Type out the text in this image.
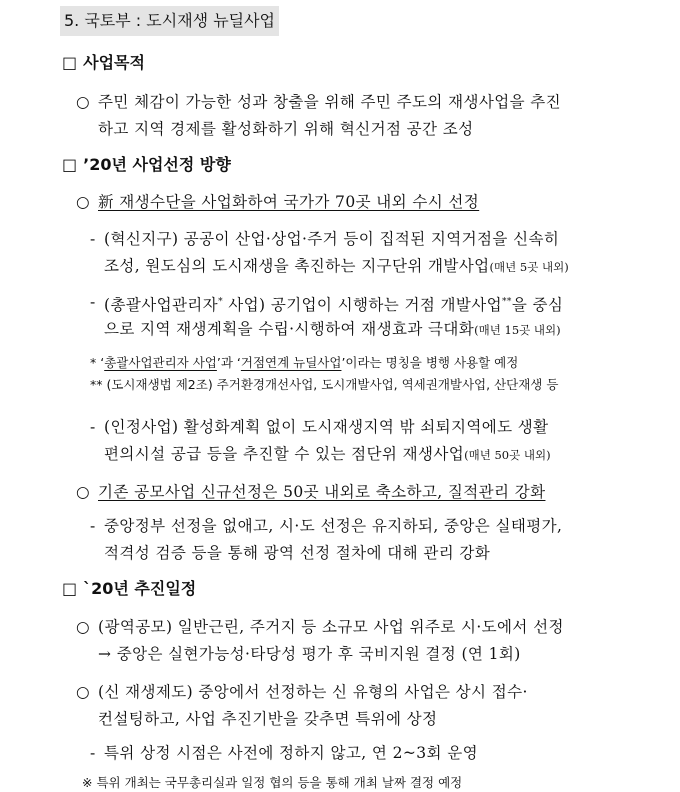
5. 국토부 : 도시재생 뉴딜사업
□ 사업목적
○ 주민 체감이 가능한 성과 창출을 위해 주민 주도의 재생사업을 추진
하고 지역 경제를 활성화하기 위해 혁신거점 공간 조성
□ ’20년 사업선정 방향
○ 新 재생수단을 사업화하여 국가가 70곳 내외 수시 선정
- (혁신지구) 공공이 산업·상업·주거 등이 집적된 지역거점을 신속히
조성, 원도심의 도시재생을 촉진하는 지구단위 개발사업(매년 5곳 내외)
- (총괄사업관리자* 사업) 공기업이 시행하는 거점 개발사업**을 중심
으로 지역 재생계획을 수립·시행하여 재생효과 극대화(매년 15곳 내외)
* ‘총괄사업관리자 사업’과 ‘거점연계 뉴딜사업’이라는 명칭을 병행 사용할 예정
** (도시재생법 제2조) 주거환경개선사업, 도시개발사업, 역세권개발사업, 산단재생 등
- (인정사업) 활성화계획 없이 도시재생지역 밖 쇠퇴지역에도 생활
편의시설 공급 등을 추진할 수 있는 점단위 재생사업(매년 50곳 내외)
○ 기존 공모사업 신규선정은 50곳 내외로 축소하고, 질적관리 강화
- 중앙정부 선정을 없애고, 시·도 선정은 유지하되, 중앙은 실태평가,
적격성 검증 등을 통해 광역 선정 절차에 대해 관리 강화
□ `20년 추진일정
○ (광역공모) 일반근린, 주거지 등 소규모 사업 위주로 시·도에서 선정
→ 중앙은 실현가능성·타당성 평가 후 국비지원 결정 (연 1회)
○ (신 재생제도) 중앙에서 선정하는 신 유형의 사업은 상시 접수·
컨설팅하고, 사업 추진기반을 갖추면 특위에 상정
- 특위 상정 시점은 사전에 정하지 않고, 연 2~3회 운영
※ 특위 개최는 국무총리실과 일정 협의 등을 통해 개최 날짜 결정 예정
